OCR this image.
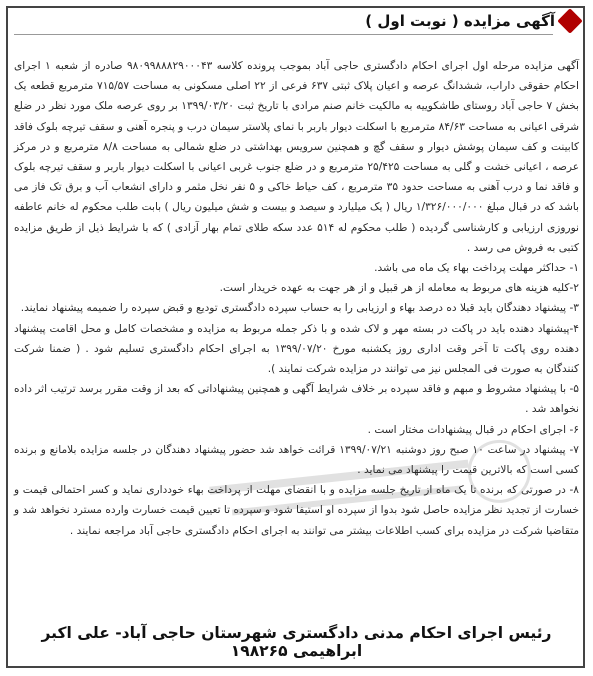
آگهی مزایده ( نوبت اول )

آگهی مزایده مرحله اول اجرای احکام دادگستری حاجی آباد بموجب پرونده کلاسه ۹۸۰۹۹۸۸۸۲۹۰۰۰۴۳ صادره از شعبه ۱ اجرای احکام حقوقی داراب، ششدانگ عرصه و اعیان پلاک ثبتی ۶۳۷ فرعی از ۲۲ اصلی مسکونی به مساحت ۷۱۵/۵۷ مترمربع قطعه یک بخش ۷ حاجی آباد روستای طاشکوییه به مالکیت خانم صنم مرادی با تاریخ ثبت ۱۳۹۹/۰۳/۲۰ بر روی عرصه ملک مورد نظر در ضلع شرقی اعیانی به مساحت ۸۴/۶۳ مترمربع با اسکلت دیوار باربر با نمای پلاستر سیمان درب و پنجره آهنی و سقف تیرچه بلوک فاقد کابینت و کف سیمان پوشش دیوار و سقف گچ و همچنین سرویس بهداشتی در ضلع شمالی به مساحت ۸/۸ مترمربع و در مرکز عرصه ، اعیانی خشت و گلی به مساحت ۲۵/۴۲۵ مترمربع و در ضلع جنوب غربی اعیانی با اسکلت دیوار باربر و سقف تیرچه بلوک و فاقد نما و درب آهنی به مساحت حدود ۳۵ مترمربع ، کف حیاط خاکی و ۵ نفر نخل مثمر و دارای انشعاب آب و برق تک فاز می باشد که در قبال مبلغ ۱/۳۲۶/۰۰۰/۰۰۰ ریال ( یک میلیارد و سیصد و بیست و شش میلیون ریال ) بابت طلب محکوم له خانم عاطفه نوروزی ارزیابی و کارشناسی گردیده ( طلب محکوم له ۵۱۴ عدد سکه طلای تمام بهار آزادی ) که با شرایط ذیل از طریق مزایده کتبی به فروش می رسد .

۱- حداکثر مهلت پرداخت بهاء یک ماه می باشد.

۲-کلیه هزینه های مربوط به معامله از هر قبیل و از هر جهت به عهده خریدار است.

۳- پیشنهاد دهندگان باید قبلا ده درصد بهاء و ارزیابی را به حساب سپرده دادگستری تودیع و قبض سپرده را ضمیمه پیشنهاد نمایند.

۴-پیشنهاد دهنده باید در پاکت در بسته مهر و لاک شده و با ذکر جمله مربوط به مزایده و مشخصات کامل و محل اقامت پیشنهاد دهنده روی پاکت تا آخر وقت اداری روز یکشنبه مورخ ۱۳۹۹/۰۷/۲۰ به اجرای احکام دادگستری تسلیم شود . ( ضمنا شرکت کنندگان به صورت فی المجلس نیز می توانند در مزایده شرکت نمایند ).

۵- با پیشنهاد مشروط و مبهم و فاقد سپرده بر خلاف شرایط آگهی و همچنین پیشنهاداتی که بعد از وقت مقرر برسد ترتیب اثر داده نخواهد شد .

۶- اجرای احکام در قبال پیشنهادات مختار است .

۷- پیشنهاد در ساعت ۱۰ صبح روز دوشنبه ۱۳۹۹/۰۷/۲۱ قرائت خواهد شد حضور پیشنهاد دهندگان در جلسه مزایده بلامانع و برنده کسی است که بالاترین قیمت را پیشنهاد می نماید .

۸- در صورتی که برنده تا یک ماه از تاریخ جلسه مزایده و با انقضای مهلت از پرداخت بهاء خودداری نماید و کسر احتمالی قیمت و خسارت از تجدید نظر مزایده حاصل شود بدوا از سپرده او استیفا شود و سپرده تا تعیین قیمت خسارت وارده مسترد نخواهد شد و متقاضیا شرکت در مزایده برای کسب اطلاعات بیشتر می توانند به اجرای احکام دادگستری حاجی آباد مراجعه نمایند .

رئیس اجرای احکام مدنی دادگستری شهرستان حاجی آباد- علی اکبر ابراهیمی ۱۹۸۲۶۵
